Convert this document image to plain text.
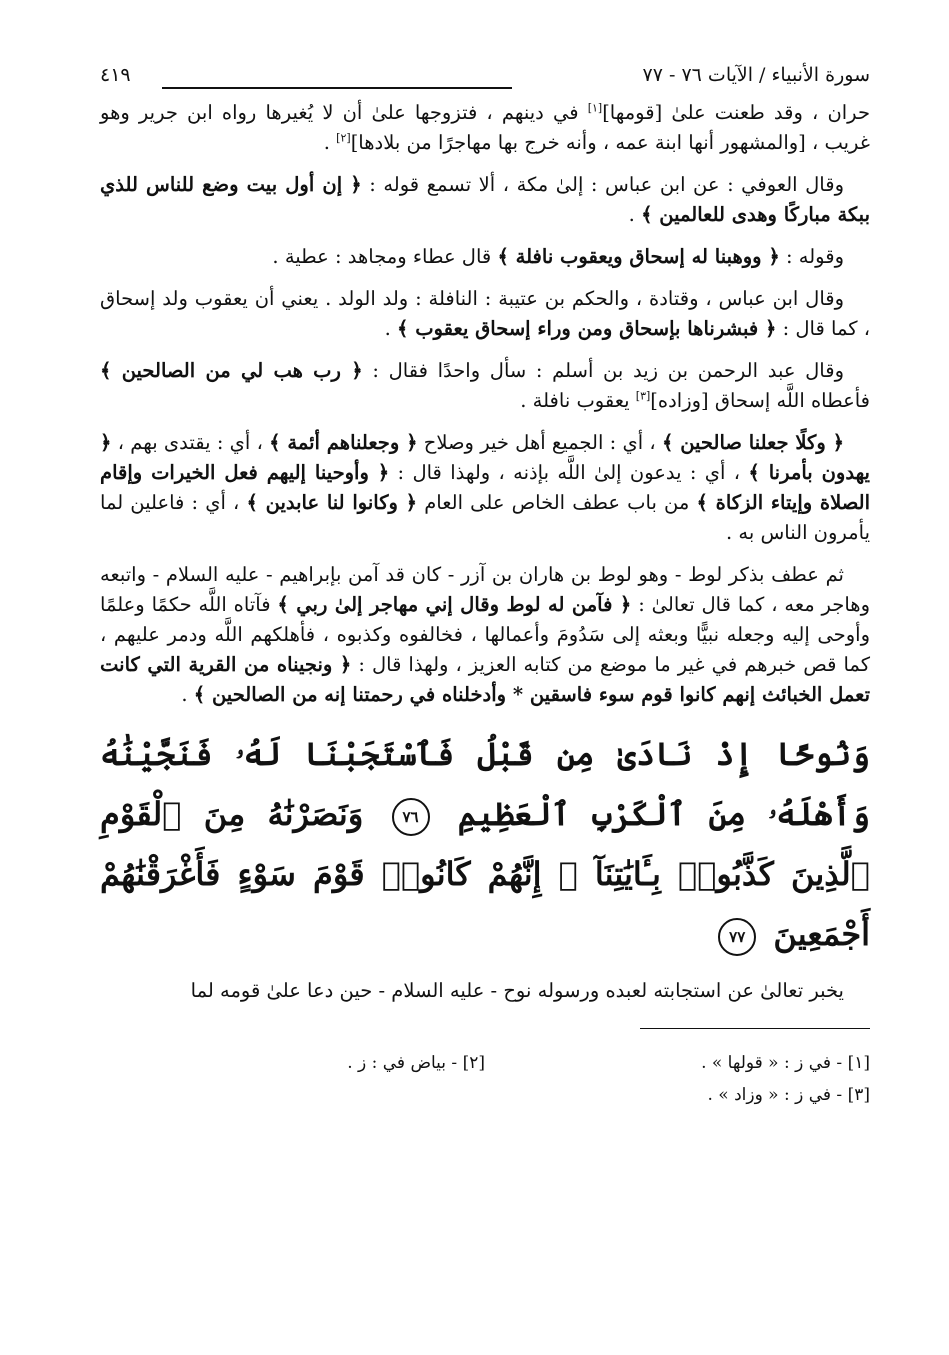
سورة الأنبياء / الآيات ٧٦ - ٧٧
٤١٩

حران ، وقد طعنت علىٰ [قومها][١] في دينهم ، فتزوجها علىٰ أن لا يُغيرها رواه ابن جرير وهو غريب ، [والمشهور أنها ابنة عمه ، وأنه خرج بها مهاجرًا من بلادها][٢] .

وقال العوفي : عن ابن عباس : إلىٰ مكة ، ألا تسمع قوله : ﴿ إن أول بيت وضع للناس للذي ببكة مباركًا وهدى للعالمين ﴾ .

وقوله : ﴿ ووهبنا له إسحاق ويعقوب نافلة ﴾ قال عطاء ومجاهد : عطية .

وقال ابن عباس ، وقتادة ، والحكم بن عتيبة : النافلة : ولد الولد . يعني أن يعقوب ولد إسحاق ، كما قال : ﴿ فبشرناها بإسحاق ومن وراء إسحاق يعقوب ﴾ .

وقال عبد الرحمن بن زيد بن أسلم : سأل واحدًا فقال : ﴿ رب هب لي من الصالحين ﴾ فأعطاه اللَّه إسحاق [وزاده][٣] يعقوب نافلة .

﴿ وكلًا جعلنا صالحين ﴾ ، أي : الجميع أهل خير وصلاح ﴿ وجعلناهم أئمة ﴾ ، أي : يقتدى بهم ، ﴿ يهدون بأمرنا ﴾ ، أي : يدعون إلىٰ اللَّه بإذنه ، ولهذا قال : ﴿ وأوحينا إليهم فعل الخيرات وإقام الصلاة وإيتاء الزكاة ﴾ من باب عطف الخاص على العام ﴿ وكانوا لنا عابدين ﴾ ، أي : فاعلين لما يأمرون الناس به .

ثم عطف بذكر لوط - وهو لوط بن هاران بن آزر - كان قد آمن بإبراهيم - عليه السلام - واتبعه وهاجر معه ، كما قال تعالىٰ : ﴿ فآمن له لوط وقال إني مهاجر إلىٰ ربي ﴾ فآتاه اللَّه حكمًا وعلمًا وأوحى إليه وجعله نبيًّا وبعثه إلى سَدُومَ وأعمالها ، فخالفوه وكذبوه ، فأهلكهم اللَّه ودمر عليهم ، كما قص خبرهم في غير ما موضع من كتابه العزيز ، ولهذا قال : ﴿ ونجيناه من القرية التي كانت تعمل الخبائث إنهم كانوا قوم سوء فاسقين * وأدخلناه في رحمتنا إنه من الصالحين ﴾ .

وَنُوحًا إِذْ نَادَىٰ مِن قَبْلُ فَٱسْتَجَبْنَا لَهُۥ فَنَجَّيْنَٰهُ وَأَهْلَهُۥ مِنَ ٱلْكَرْبِ ٱلْعَظِيمِ ٧٦ وَنَصَرْنَٰهُ مِنَ ٱلْقَوْمِ ٱلَّذِينَ كَذَّبُوا۟ بِـَٔايَٰتِنَآ ۚ إِنَّهُمْ كَانُوا۟ قَوْمَ سَوْءٍ فَأَغْرَقْنَٰهُمْ أَجْمَعِينَ ٧٧

يخبر تعالىٰ عن استجابته لعبده ورسوله نوح - عليه السلام - حين دعا علىٰ قومه لما

[١] - في ز : « قولها » .
[٢] - بياض في : ز .
[٣] - في ز : « وزاد » .
